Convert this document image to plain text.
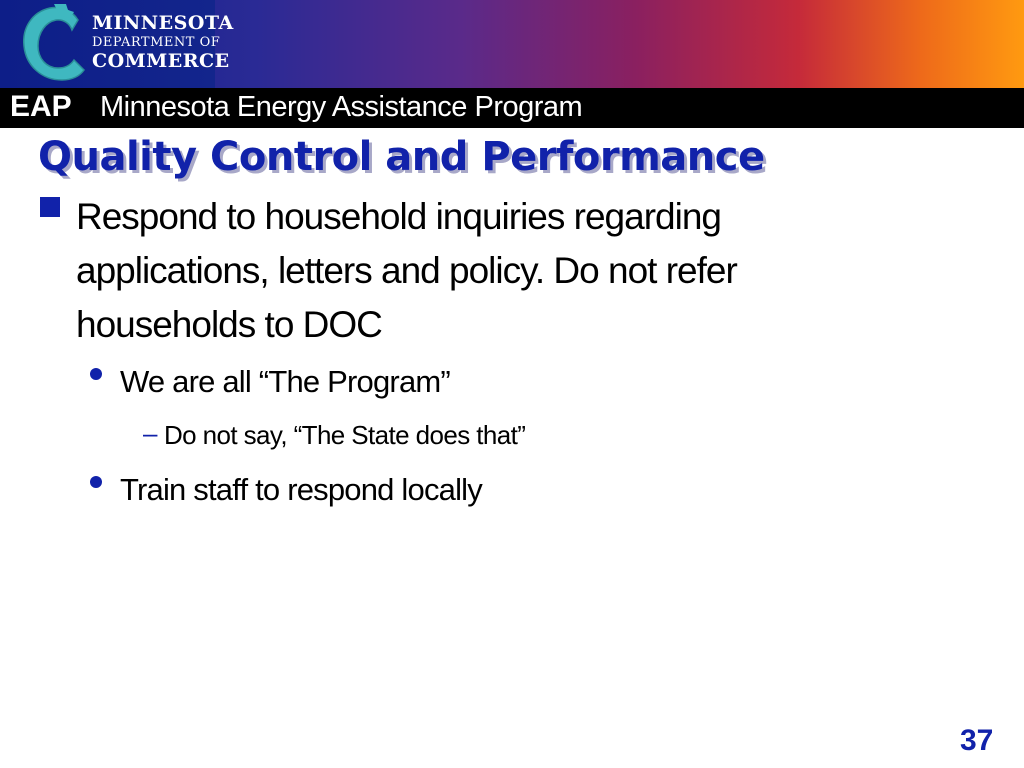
MINNESOTA
DEPARTMENT OF
COMMERCE
EAP Minnesota Energy Assistance Program
Quality Control and Performance
Respond to household inquiries regarding applications, letters and policy. Do not refer households to DOC
We are all “The Program”
– Do not say, “The State does that”
Train staff to respond locally
37
